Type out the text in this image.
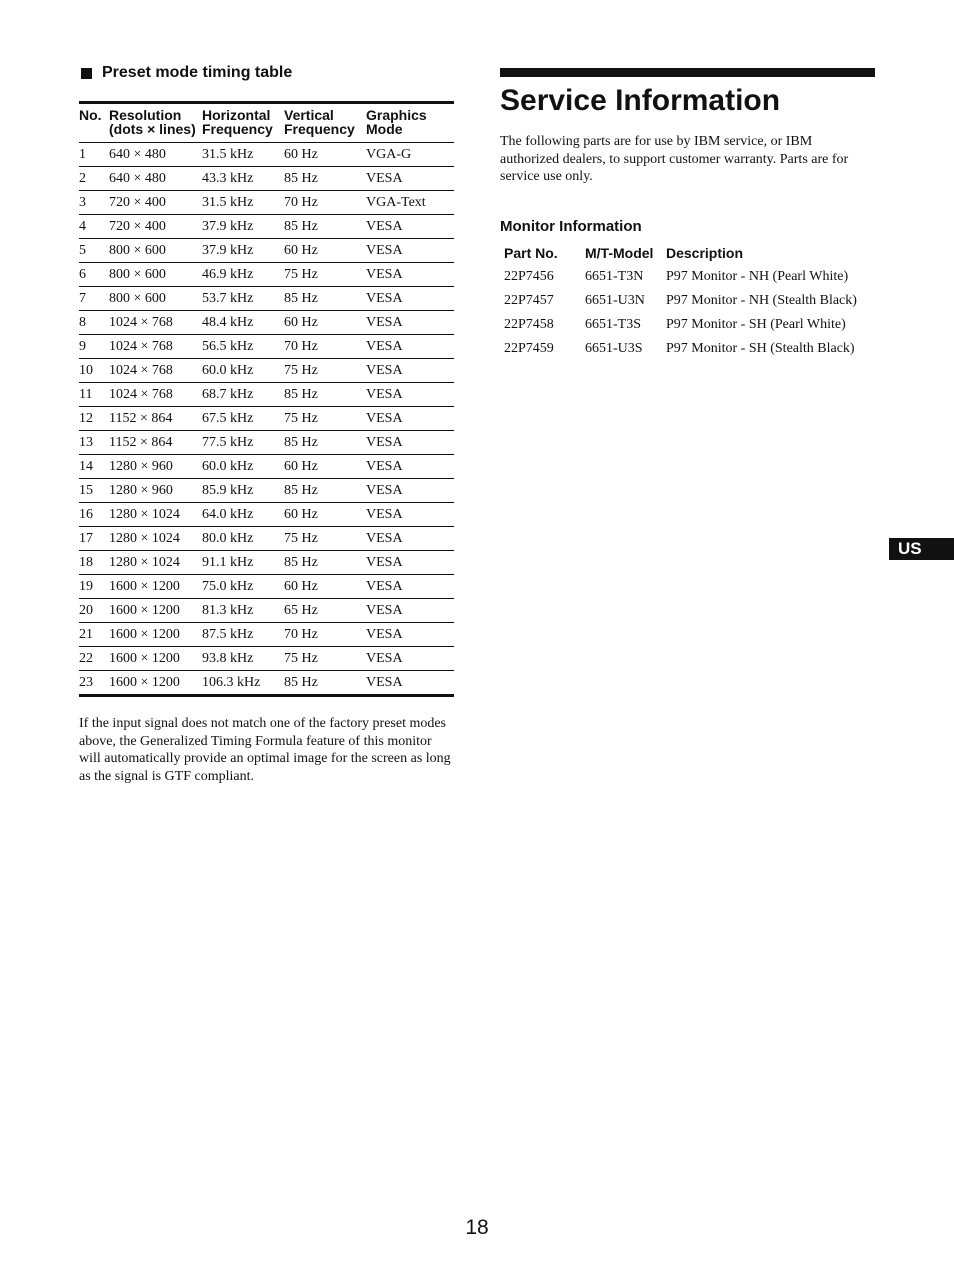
Preset mode timing table
No.	Resolution (dots × lines)	Horizontal Frequency	Vertical Frequency	Graphics Mode
1	640 × 480	31.5 kHz	60 Hz	VGA-G
2	640 × 480	43.3 kHz	85 Hz	VESA
3	720 × 400	31.5 kHz	70 Hz	VGA-Text
4	720 × 400	37.9 kHz	85 Hz	VESA
5	800 × 600	37.9 kHz	60 Hz	VESA
6	800 × 600	46.9 kHz	75 Hz	VESA
7	800 × 600	53.7 kHz	85 Hz	VESA
8	1024 × 768	48.4 kHz	60 Hz	VESA
9	1024 × 768	56.5 kHz	70 Hz	VESA
10	1024 × 768	60.0 kHz	75 Hz	VESA
11	1024 × 768	68.7 kHz	85 Hz	VESA
12	1152 × 864	67.5 kHz	75 Hz	VESA
13	1152 × 864	77.5 kHz	85 Hz	VESA
14	1280 × 960	60.0 kHz	60 Hz	VESA
15	1280 × 960	85.9 kHz	85 Hz	VESA
16	1280 × 1024	64.0 kHz	60 Hz	VESA
17	1280 × 1024	80.0 kHz	75 Hz	VESA
18	1280 × 1024	91.1 kHz	85 Hz	VESA
19	1600 × 1200	75.0 kHz	60 Hz	VESA
20	1600 × 1200	81.3 kHz	65 Hz	VESA
21	1600 × 1200	87.5 kHz	70 Hz	VESA
22	1600 × 1200	93.8 kHz	75 Hz	VESA
23	1600 × 1200	106.3 kHz	85 Hz	VESA
If the input signal does not match one of the factory preset modes above, the Generalized Timing Formula feature of this monitor will automatically provide an optimal image for the screen as long as the signal is GTF compliant.
Service Information
The following parts are for use by IBM service, or IBM authorized dealers, to support customer warranty. Parts are for service use only.
Monitor Information
Part No.	M/T-Model	Description
22P7456	6651-T3N	P97 Monitor - NH (Pearl White)
22P7457	6651-U3N	P97 Monitor - NH (Stealth Black)
22P7458	6651-T3S	P97 Monitor - SH (Pearl White)
22P7459	6651-U3S	P97 Monitor - SH (Stealth Black)
US
18
